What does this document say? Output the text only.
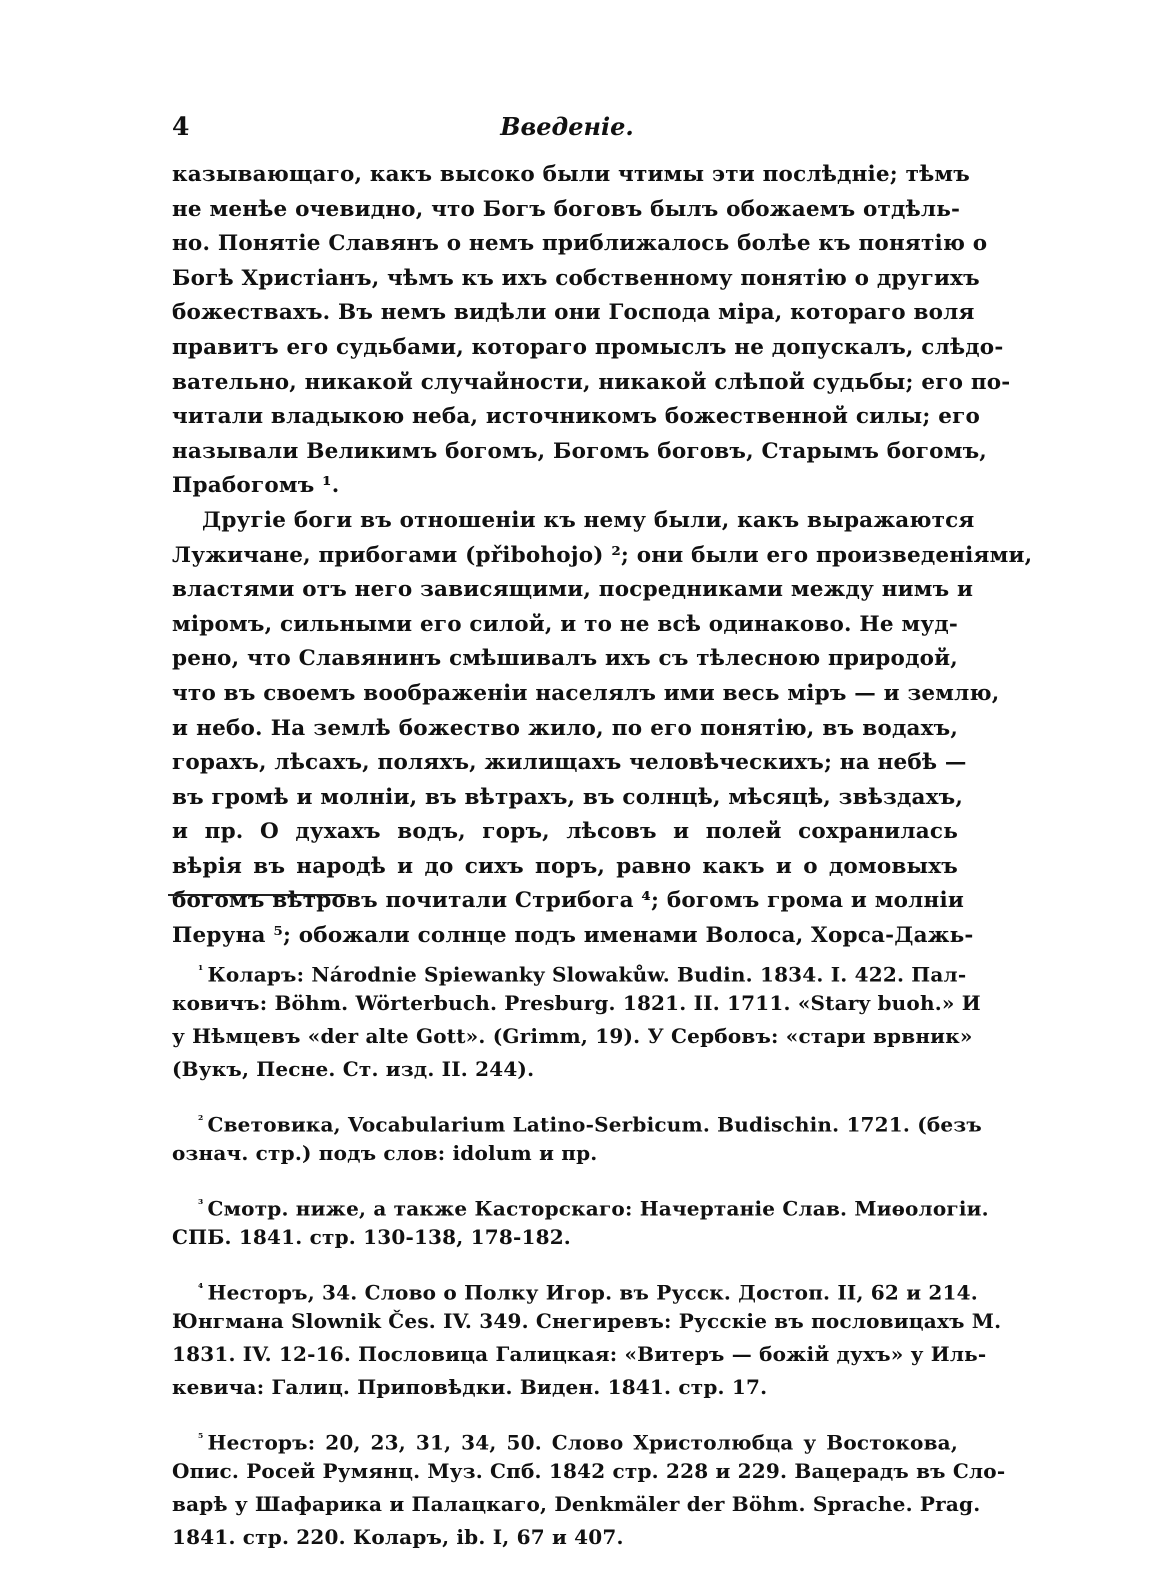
4	Введеніе.
казывающаго, какъ высоко были чтимы эти послѣдніе; тѣмъ
не менѣе очевидно, что Богъ боговъ былъ обожаемъ отдѣль-
но. Понятіе Славянъ о немъ приближалось болѣе къ понятію о
Богѣ Христіанъ, чѣмъ къ ихъ собственному понятію о другихъ
божествахъ. Въ немъ видѣли они Господа міра, котораго воля
правитъ его судьбами, котораго промыслъ не допускалъ, слѣдо-
вательно, никакой случайности, никакой слѣпой судьбы; его по-
читали владыкою неба, источникомъ божественной силы; его
называли Великимъ богомъ, Богомъ боговъ, Старымъ богомъ,
Прабогомъ ¹.
Другіе боги въ отношеніи къ нему были, какъ выражаются
Лужичане, прибогами (přibohojo) ²; они были его произведеніями,
властями отъ него зависящими, посредниками между нимъ и
міромъ, сильными его силой, и то не всѣ одинаково. Не муд-
рено, что Славянинъ смѣшивалъ ихъ съ тѣлесною природой,
что въ своемъ воображеніи населялъ ими весь міръ — и землю,
и небо. На землѣ божество жило, по его понятію, въ водахъ,
горахъ, лѣсахъ, поляхъ, жилищахъ человѣческихъ; на небѣ —
въ громѣ и молніи, въ вѣтрахъ, въ солнцѣ, мѣсяцѣ, звѣздахъ,
и пр. О духахъ водъ, горъ, лѣсовъ и полей сохранилась
вѣрія въ народѣ и до сихъ поръ, равно какъ и о домовыхъ
богомъ вѣтровъ почитали Стрибога ⁴; богомъ грома и молніи
Перуна ⁵; обожали солнце подъ именами Волоса, Хорса-Дажь-
$^{^1}$ Коларъ: Národnie Spiewanky Slowakůw. Budin. 1834. I. 422. Пал-
ковичъ: Böhm. Wörterbuch. Presburg. 1821. II. 1711. «Stary buoh.» И
у Нѣмцевъ «der alte Gott». (Grimm, 19). У Сербовъ: «стари врвник»
(Вукъ, Песне. Ст. изд. II. 244).
$^{^2}$ Световика, Vocabularium Latino-Serbicum. Budischin. 1721. (безъ
означ. стр.) подъ слов: idolum и пр.
$^{^3}$ Смотр. ниже, а также Касторскаго: Начертаніе Слав. Миѳологіи.
СПБ. 1841. стр. 130-138, 178-182.
$^{^4}$ Несторъ, 34. Слово о Полку Игор. въ Русск. Достоп. II, 62 и 214.
Юнгмана Slownik Čes. IV. 349. Снегиревъ: Русскіе въ пословицахъ М.
1831. IV. 12-16. Пословица Галицкая: «Витеръ — божій духъ» у Иль-
кевича: Галиц. Приповѣдки. Виден. 1841. стр. 17.
$^{^5}$ Несторъ: 20, 23, 31, 34, 50. Слово Христолюбца у Востокова,
Опис. Росей Румянц. Муз. Спб. 1842 стр. 228 и 229. Вацерадъ въ Сло-
варѣ у Шафарика и Палацкаго, Denkmäler der Böhm. Sprache. Prag.
1841. стр. 220. Коларъ, ib. I, 67 и 407.
